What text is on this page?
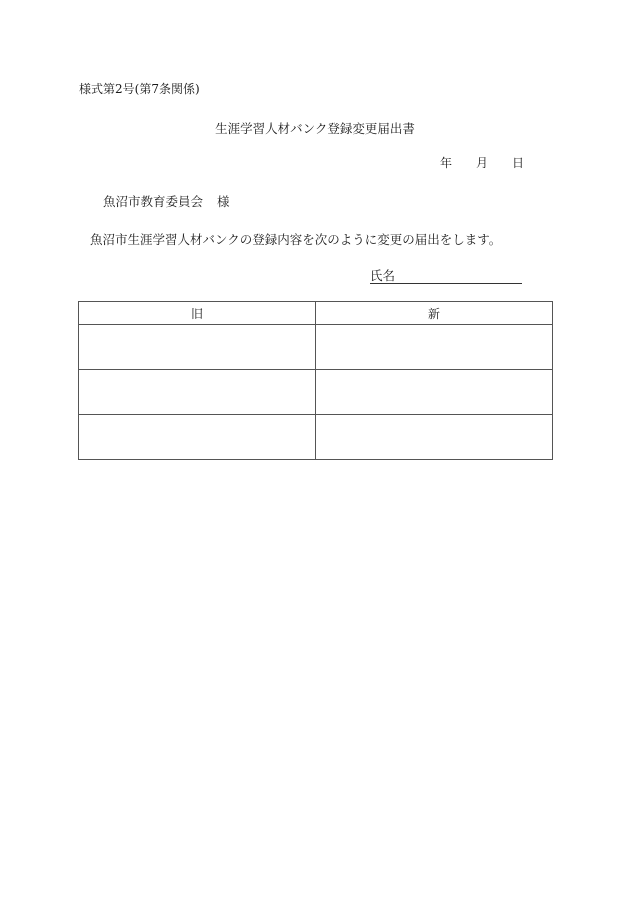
様式第2号(第7条関係)
生涯学習人材バンク登録変更届出書
年 月 日
魚沼市教育委員会 様
魚沼市生涯学習人材バンクの登録内容を次のように変更の届出をします。
氏名
旧	新
